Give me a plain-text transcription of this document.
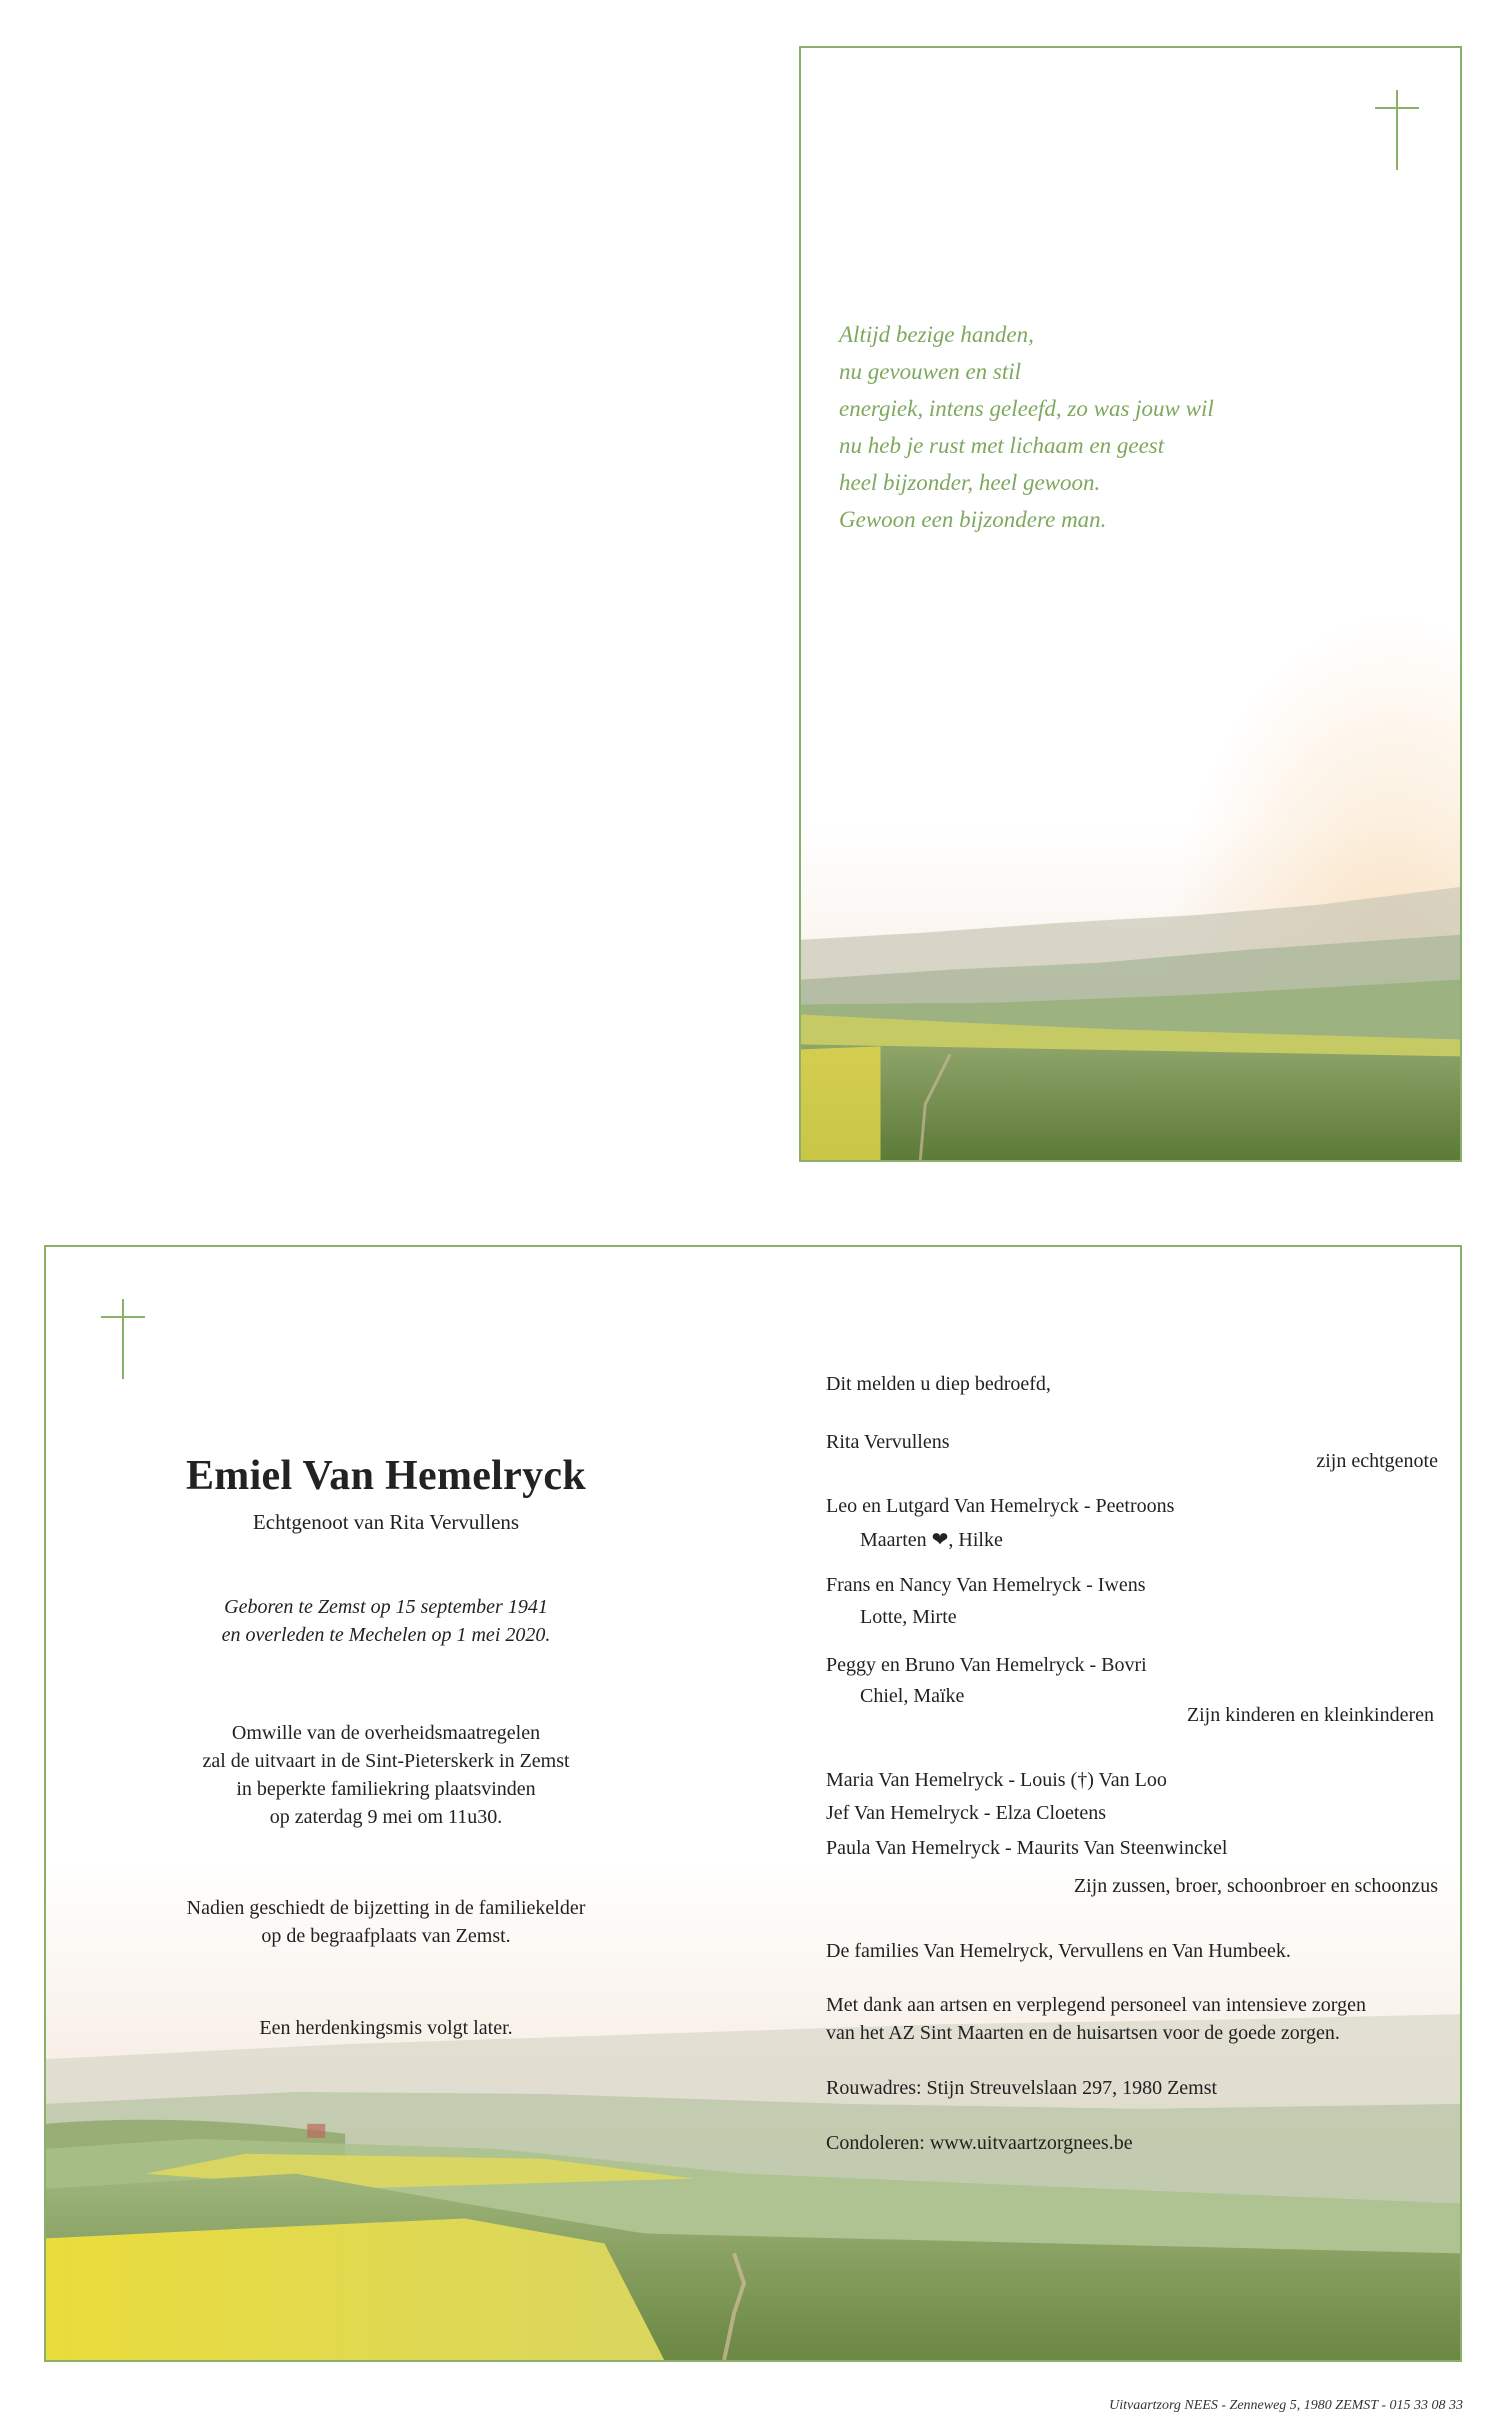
Altijd bezige handen,
nu gevouwen en stil
energiek, intens geleefd, zo was jouw wil
nu heb je rust met lichaam en geest
heel bijzonder, heel gewoon.
Gewoon een bijzondere man.
Emiel Van Hemelryck
Echtgenoot van Rita Vervullens
Geboren te Zemst op 15 september 1941
en overleden te Mechelen op 1 mei 2020.
Omwille van de overheidsmaatregelen
zal de uitvaart in de Sint-Pieterskerk in Zemst
in beperkte familiekring plaatsvinden
op zaterdag 9 mei om 11u30.
Nadien geschiedt de bijzetting in de familiekelder
op de begraafplaats van Zemst.
Een herdenkingsmis volgt later.
Dit melden u diep bedroefd,
Rita Vervullens
zijn echtgenote
Leo en Lutgard Van Hemelryck - Peetroons
Maarten ❤, Hilke
Frans en Nancy Van Hemelryck - Iwens
Lotte, Mirte
Peggy en Bruno Van Hemelryck - Bovri
Chiel, Maïke
Zijn kinderen en kleinkinderen
Maria Van Hemelryck - Louis (†) Van Loo
Jef Van Hemelryck - Elza Cloetens
Paula Van Hemelryck - Maurits Van Steenwinckel
Zijn zussen, broer, schoonbroer en schoonzus
De families Van Hemelryck, Vervullens en Van Humbeek.
Met dank aan artsen en verplegend personeel van intensieve zorgen
van het AZ Sint Maarten en de huisartsen voor de goede zorgen.
Rouwadres: Stijn Streuvelslaan 297, 1980 Zemst
Condoleren: www.uitvaartzorgnees.be
Uitvaartzorg NEES - Zenneweg 5, 1980 ZEMST - 015 33 08 33
